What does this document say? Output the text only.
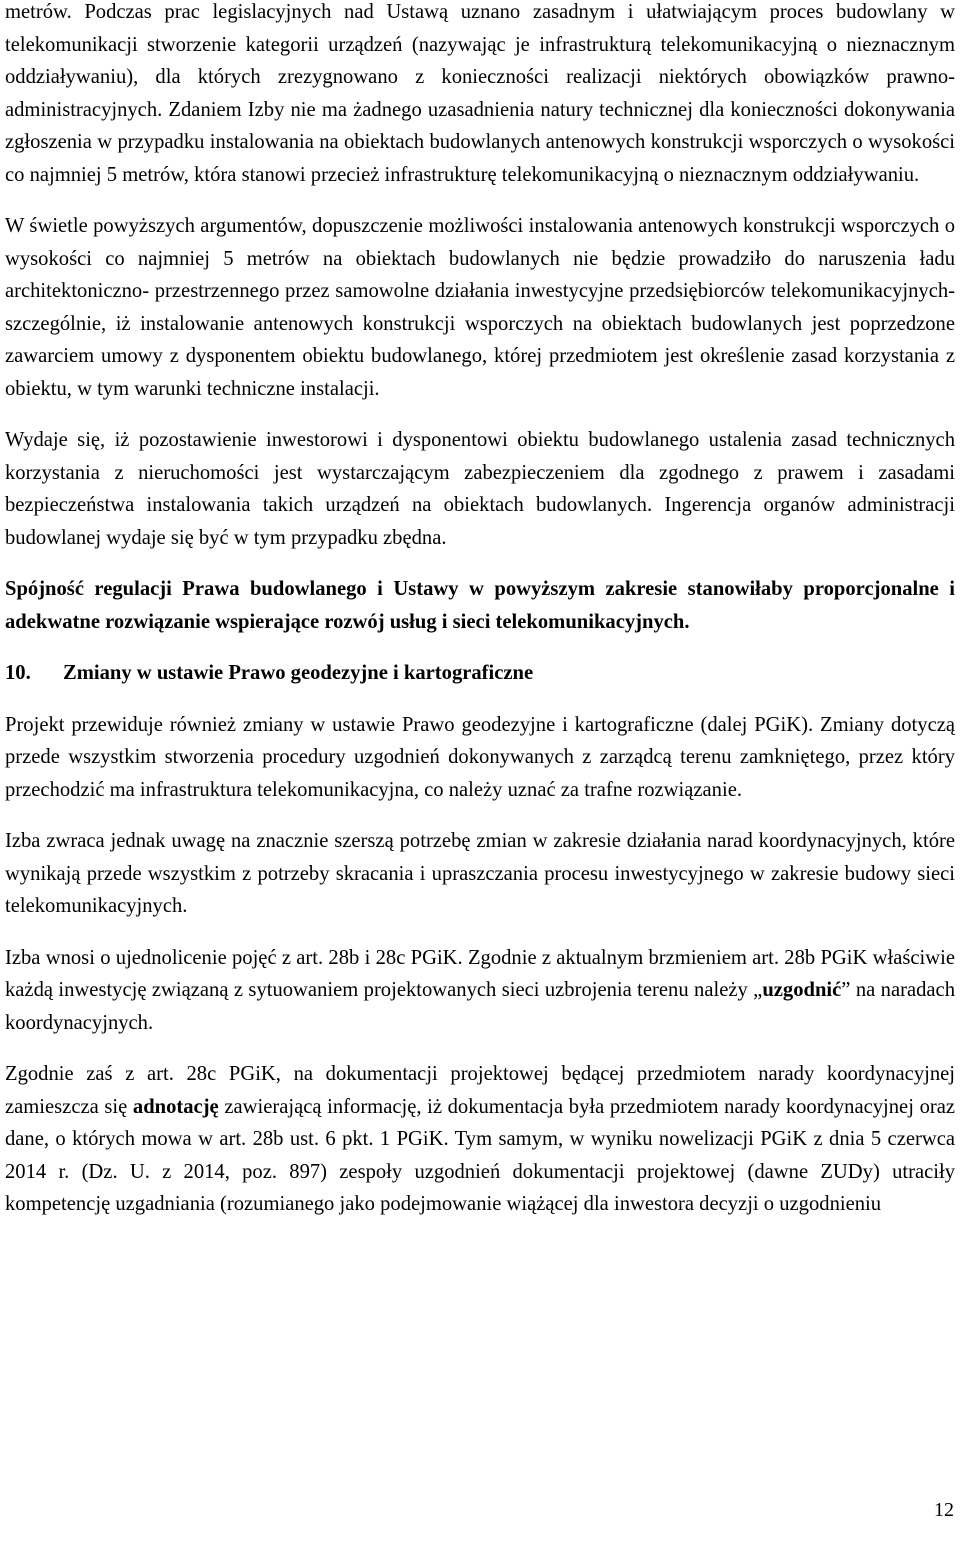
metrów. Podczas prac legislacyjnych nad Ustawą uznano zasadnym i ułatwiającym proces budowlany w telekomunikacji stworzenie kategorii urządzeń (nazywając je infrastrukturą telekomunikacyjną o nieznacznym oddziaływaniu), dla których zrezygnowano z konieczności realizacji niektórych obowiązków prawno- administracyjnych. Zdaniem Izby nie ma żadnego uzasadnienia natury technicznej dla konieczności dokonywania zgłoszenia w przypadku instalowania na obiektach budowlanych antenowych konstrukcji wsporczych o wysokości co najmniej 5 metrów, która stanowi przecież infrastrukturę telekomunikacyjną o nieznacznym oddziaływaniu.

W świetle powyższych argumentów, dopuszczenie możliwości instalowania antenowych konstrukcji wsporczych o wysokości co najmniej 5 metrów na obiektach budowlanych nie będzie prowadziło do naruszenia ładu architektoniczno- przestrzennego przez samowolne działania inwestycyjne przedsiębiorców telekomunikacyjnych- szczególnie, iż instalowanie antenowych konstrukcji wsporczych na obiektach budowlanych jest poprzedzone zawarciem umowy z dysponentem obiektu budowlanego, której przedmiotem jest określenie zasad korzystania z obiektu, w tym warunki techniczne instalacji.

Wydaje się, iż pozostawienie inwestorowi i dysponentowi obiektu budowlanego ustalenia zasad technicznych korzystania z nieruchomości jest wystarczającym zabezpieczeniem dla zgodnego z prawem i zasadami bezpieczeństwa instalowania takich urządzeń na obiektach budowlanych. Ingerencja organów administracji budowlanej wydaje się być w tym przypadku zbędna.

Spójność regulacji Prawa budowlanego i Ustawy w powyższym zakresie stanowiłaby proporcjonalne i adekwatne rozwiązanie wspierające rozwój usług i sieci telekomunikacyjnych.

10.	Zmiany w ustawie Prawo geodezyjne i kartograficzne

Projekt przewiduje również zmiany w ustawie Prawo geodezyjne i kartograficzne (dalej PGiK). Zmiany dotyczą przede wszystkim stworzenia procedury uzgodnień dokonywanych z zarządcą terenu zamkniętego, przez który przechodzić ma infrastruktura telekomunikacyjna, co należy uznać za trafne rozwiązanie.

Izba zwraca jednak uwagę na znacznie szerszą potrzebę zmian w zakresie działania narad koordynacyjnych, które wynikają przede wszystkim z potrzeby skracania i upraszczania procesu inwestycyjnego w zakresie budowy sieci telekomunikacyjnych.

Izba wnosi o ujednolicenie pojęć z art. 28b i 28c PGiK. Zgodnie z aktualnym brzmieniem art. 28b PGiK właściwie każdą inwestycję związaną z sytuowaniem projektowanych sieci uzbrojenia terenu należy „uzgodnić” na naradach koordynacyjnych.

Zgodnie zaś z art. 28c PGiK, na dokumentacji projektowej będącej przedmiotem narady koordynacyjnej zamieszcza się adnotację zawierającą informację, iż dokumentacja była przedmiotem narady koordynacyjnej oraz dane, o których mowa w art. 28b ust. 6 pkt. 1 PGiK. Tym samym, w wyniku nowelizacji PGiK z dnia 5 czerwca 2014 r. (Dz. U. z 2014, poz. 897) zespoły uzgodnień dokumentacji projektowej (dawne ZUDy) utraciły kompetencję uzgadniania (rozumianego jako podejmowanie wiążącej dla inwestora decyzji o uzgodnieniu

12
